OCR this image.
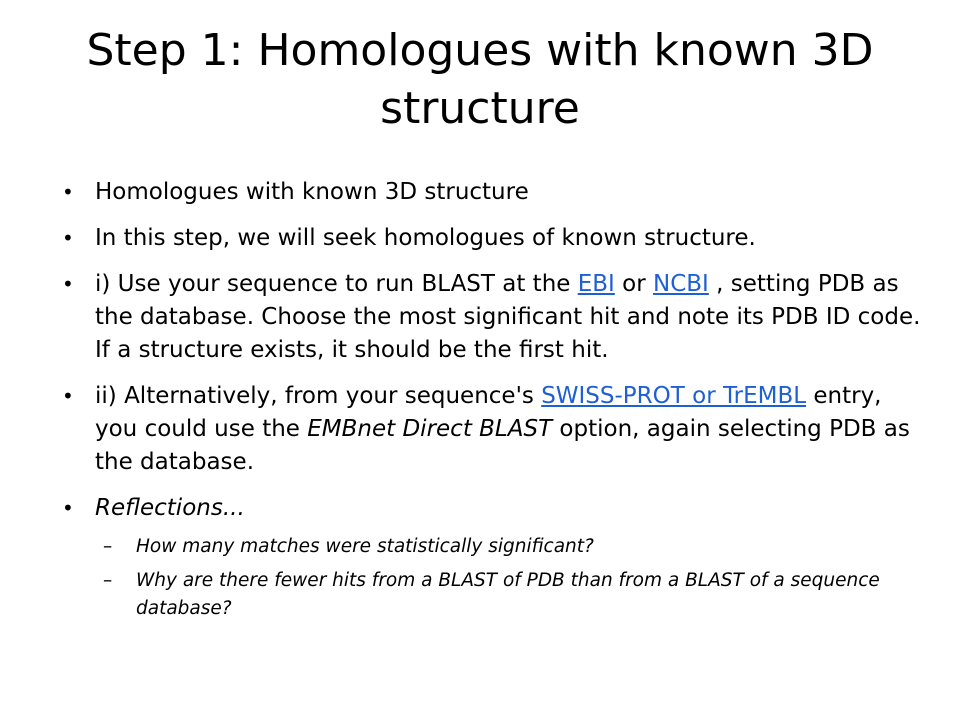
Step 1: Homologues with known 3D structure
• Homologues with known 3D structure
• In this step, we will seek homologues of known structure.
• i) Use your sequence to run BLAST at the EBI or NCBI , setting PDB as the database. Choose the most significant hit and note its PDB ID code. If a structure exists, it should be the first hit.
• ii) Alternatively, from your sequence's SWISS-PROT or TrEMBL entry, you could use the EMBnet Direct BLAST option, again selecting PDB as the database.
• Reflections...
– How many matches were statistically significant?
– Why are there fewer hits from a BLAST of PDB than from a BLAST of a sequence database?
